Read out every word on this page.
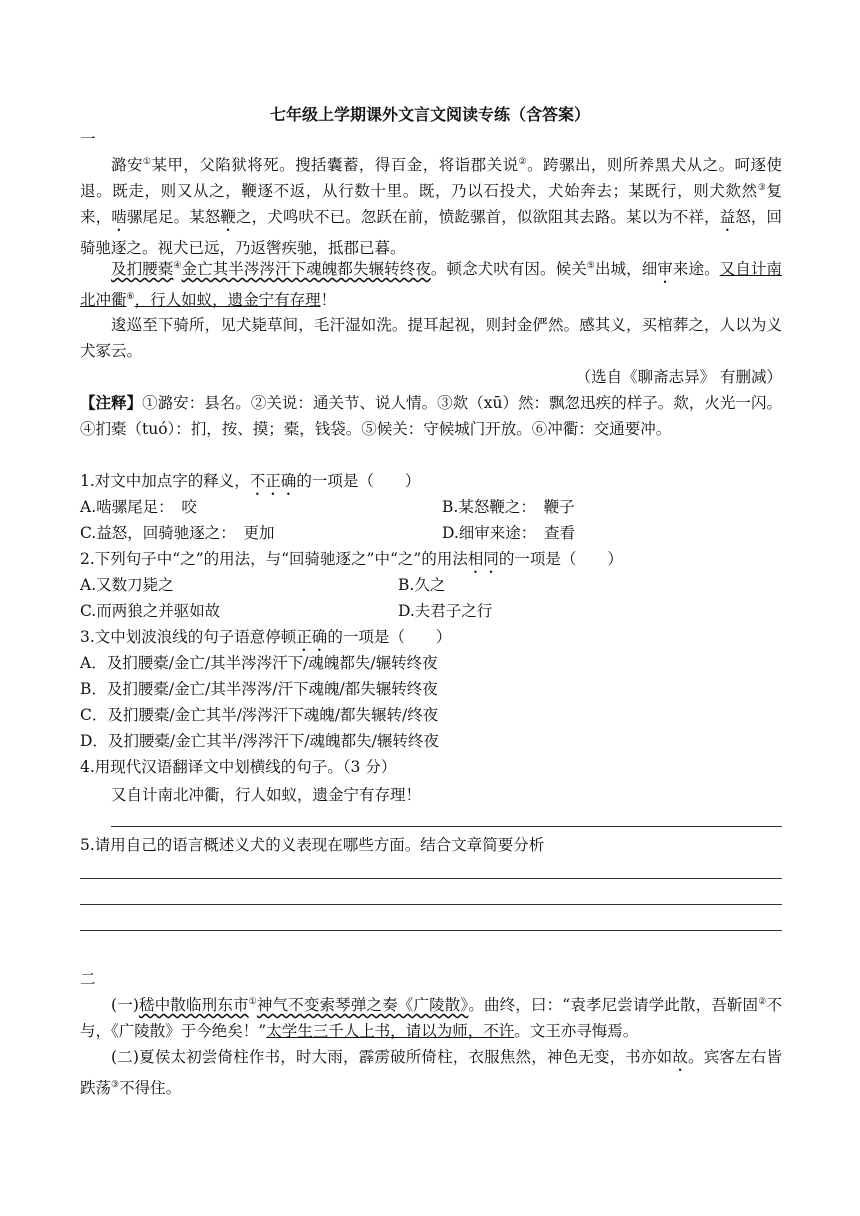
七年级上学期课外文言文阅读专练（含答案）
一
潞安①某甲，父陷狱将死。搜括囊蓄，得百金，将诣郡关说②。跨骡出，则所养黑犬从之。呵逐使退。既走，则又从之，鞭逐不返，从行数十里。既，乃以石投犬，犬始奔去；某既行，则犬欻然③复来，啮骡尾足。某怒鞭之，犬鸣吠不已。忽跃在前，愤龁骡首，似欲阻其去路。某以为不祥，益怒，回骑驰逐之。视犬已远，乃返辔疾驰，抵郡已暮。
及扪腰橐④金亡其半涔涔汗下魂魄都失辗转终夜。顿念犬吠有因。候关⑤出城，细审来途。又自计南北冲衢⑥，行人如蚁，遗金宁有存理！
逡巡至下骑所，见犬毙草间，毛汗湿如洗。提耳起视，则封金俨然。感其义，买棺葬之，人以为义犬冢云。
（选自《聊斋志异》 有删减）
【注释】①潞安：县名。②关说：通关节、说人情。③欻（xū）然：飘忽迅疾的样子。欻，火光一闪。④扪橐（tuó）：扪，按、摸；橐，钱袋。⑤候关：守候城门开放。⑥冲衢：交通要冲。
1.对文中加点字的释义，不正确的一项是（　　）
A.啮骡尾足：　咬	B.某怒鞭之：　鞭子
C.益怒，回骑驰逐之：　更加	D.细审来途：　查看
2.下列句子中“之”的用法，与“回骑驰逐之”中“之”的用法相同的一项是（　　）
A.又数刀毙之	B.久之
C.而两狼之并驱如故	D.夫君子之行
3.文中划波浪线的句子语意停顿正确的一项是（　　）
A．及扪腰橐/金亡/其半涔涔汗下/魂魄都失/辗转终夜
B．及扪腰橐/金亡/其半涔涔/汗下魂魄/都失辗转终夜
C．及扪腰橐/金亡其半/涔涔汗下魂魄/都失辗转/终夜
D．及扪腰橐/金亡其半/涔涔汗下/魂魄都失/辗转终夜
4.用现代汉语翻译文中划横线的句子。（3 分）
又自计南北冲衢，行人如蚁，遗金宁有存理！
5.请用自己的语言概述义犬的义表现在哪些方面。结合文章简要分析
二
(一)嵇中散临刑东市①神气不变索琴弹之奏《广陵散》。曲终，曰：“袁孝尼尝请学此散，吾靳固②不与，《广陵散》于今绝矣！”太学生三千人上书，请以为师，不许。文王亦寻悔焉。
(二)夏侯太初尝倚柱作书，时大雨，霹雳破所倚柱，衣服焦然，神色无变，书亦如故。宾客左右皆跌荡③不得住。
